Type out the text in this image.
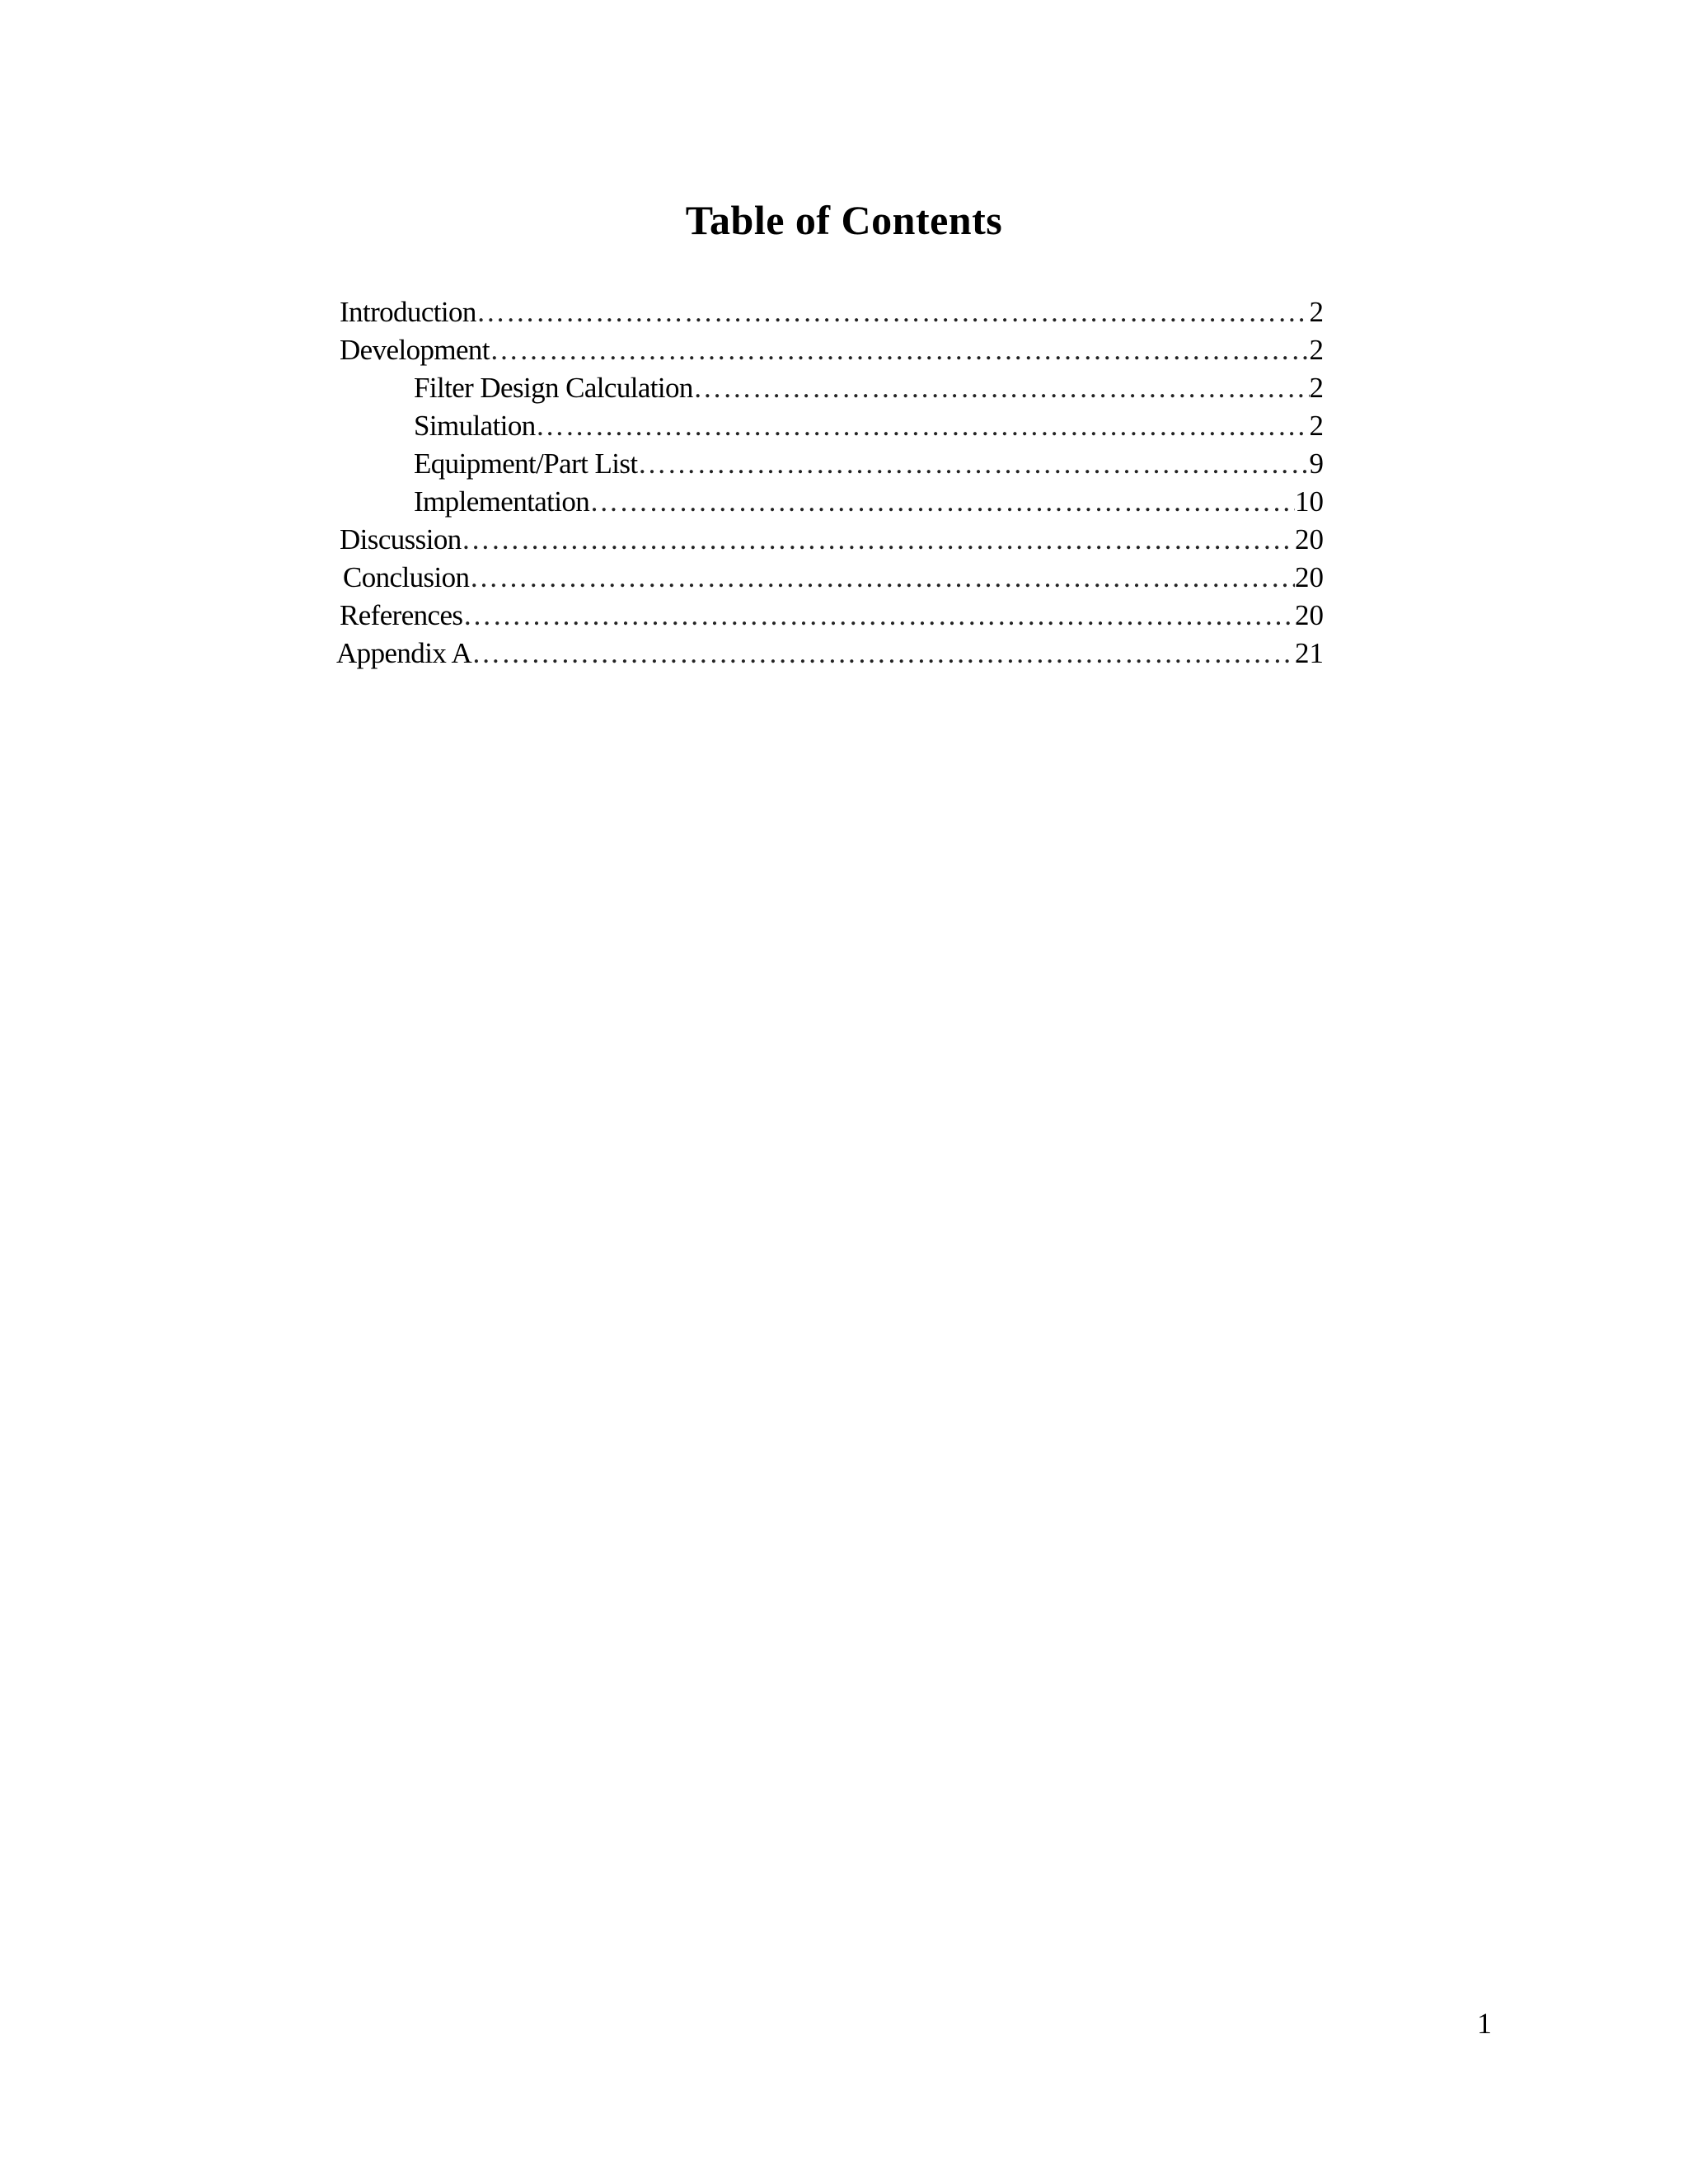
Table of Contents
Introduction …………………………………………………………………………………………………………………………………………………………………………………………	2
Development …………………………………………………………………………………………………………………………………………………………………………………………	2
Filter Design Calculation …………………………………………………………………………………………………………………………………………………………………………………………	2
Simulation …………………………………………………………………………………………………………………………………………………………………………………………	2
Equipment/Part List …………………………………………………………………………………………………………………………………………………………………………………………	9
Implementation …………………………………………………………………………………………………………………………………………………………………………………………	10
Discussion …………………………………………………………………………………………………………………………………………………………………………………………	20
Conclusion …………………………………………………………………………………………………………………………………………………………………………………………	20
References …………………………………………………………………………………………………………………………………………………………………………………………	20
Appendix A …………………………………………………………………………………………………………………………………………………………………………………………	21
1
